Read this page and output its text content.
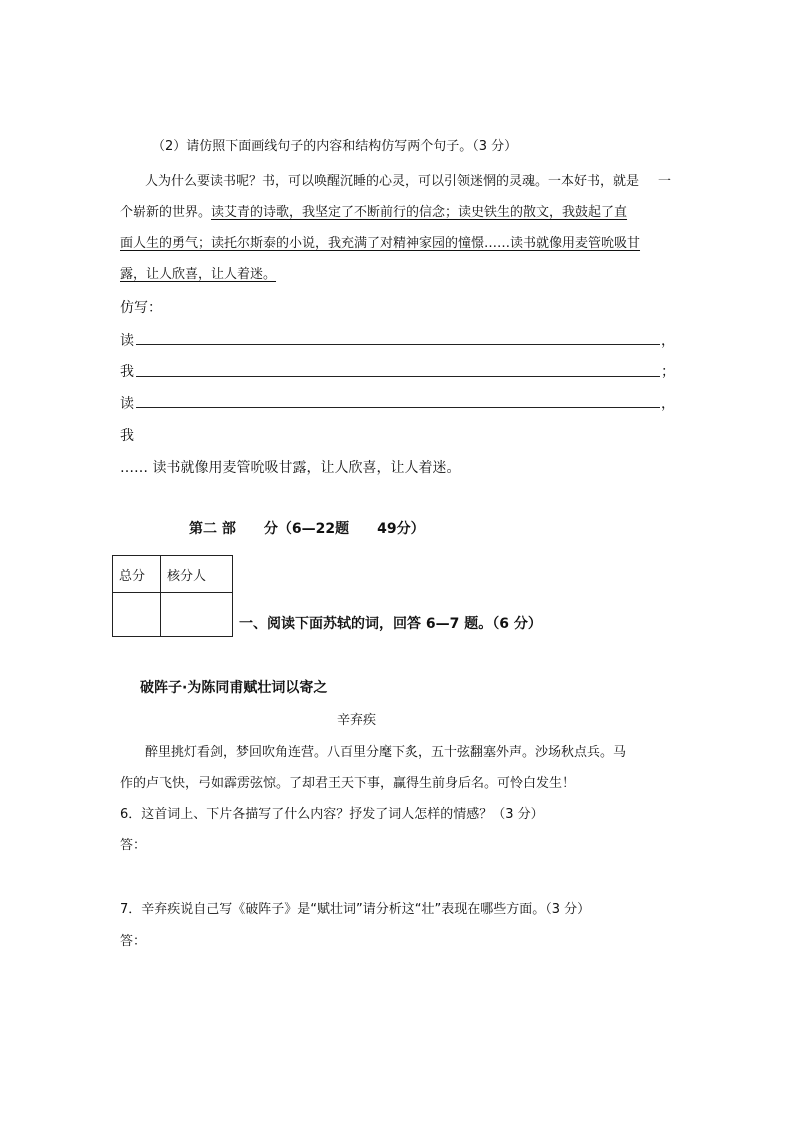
（2）请仿照下面画线句子的内容和结构仿写两个句子。（3 分）
人为什么要读书呢？书，可以唤醒沉睡的心灵，可以引领迷惘的灵魂。一本好书，就是 一
个崭新的世界。读艾青的诗歌，我坚定了不断前行的信念；读史铁生的散文，我鼓起了直
面人生的勇气；读托尔斯泰的小说，我充满了对精神家园的憧憬……读书就像用麦管吮吸甘
露，让人欣喜，让人着迷。
仿写：
读	，
我	；
读	，
我
…… 读书就像用麦管吮吸甘露，让人欣喜，让人着迷。
第二 部　　分（6—22题　　49分）
总分	核分人

一、阅读下面苏轼的词，回答 6—7 题。（6 分）
破阵子·为陈同甫赋壮词以寄之
辛弃疾
醉里挑灯看剑，梦回吹角连营。八百里分麾下炙，五十弦翻塞外声。沙场秋点兵。马
作的卢飞快，弓如霹雳弦惊。了却君王天下事，赢得生前身后名。可怜白发生！
6．这首词上、下片各描写了什么内容？抒发了词人怎样的情感？（3 分）
答：
7．辛弃疾说自己写《破阵子》是“赋壮词”请分析这“壮”表现在哪些方面。（3 分）
答：
